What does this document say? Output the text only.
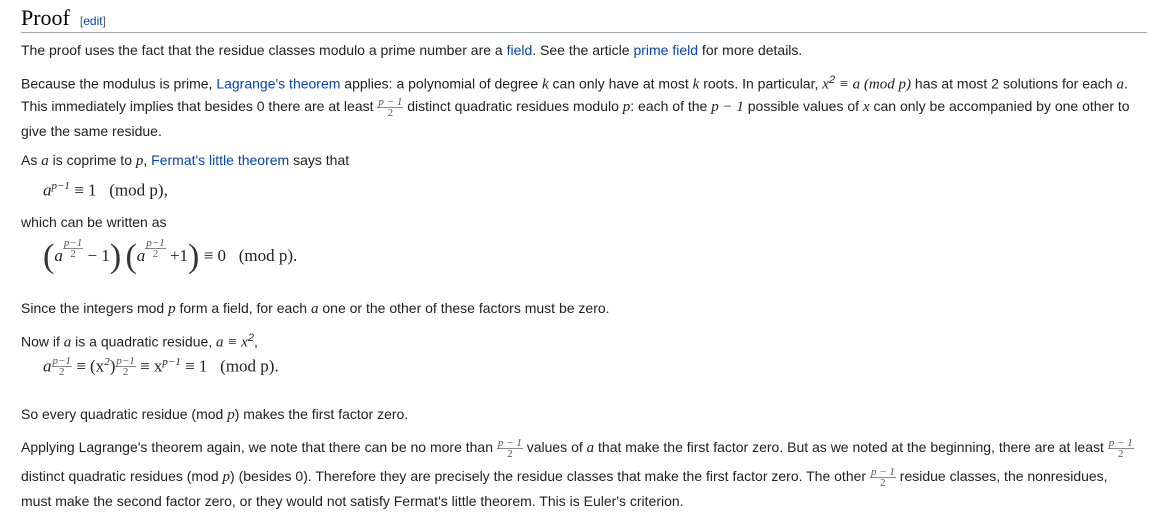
Proof [edit]
The proof uses the fact that the residue classes modulo a prime number are a field. See the article prime field for more details.
Because the modulus is prime, Lagrange's theorem applies: a polynomial of degree k can only have at most k roots. In particular, $x^2 \equiv a$ (mod p) has at most 2 solutions for each a.
This immediately implies that besides 0 there are at least $\frac{p - 1}{2}$ distinct quadratic residues modulo p: each of the p − 1 possible values of x can only be accompanied by one other to
give the same residue.
As a is coprime to p, Fermat's little theorem says that
$a^{p-1} \equiv 1$   (mod p),
which can be written as
$(a \frac{p-1}{2} - 1)$ $(a \frac{p-1}{2} +1) \equiv 0$   (mod p).
Since the integers mod p form a field, for each a one or the other of these factors must be zero.
Now if a is a quadratic residue, $a \equiv x^2$,
a $\frac{p-1}{2} \equiv (x^2) \frac{p-1}{2} \equiv x^{p-1} \equiv 1$   (mod p).
So every quadratic residue (mod p) makes the first factor zero.
Applying Lagrange's theorem again, we note that there can be no more than $\frac{p - 1}{2}$ values of a that make the first factor zero. But as we noted at the beginning, there are at least $\frac{p - 1}{2}$
distinct quadratic residues (mod p) (besides 0). Therefore they are precisely the residue classes that make the first factor zero. The other $\frac{p - 1}{2}$ residue classes, the nonresidues,
must make the second factor zero, or they would not satisfy Fermat's little theorem. This is Euler's criterion.
